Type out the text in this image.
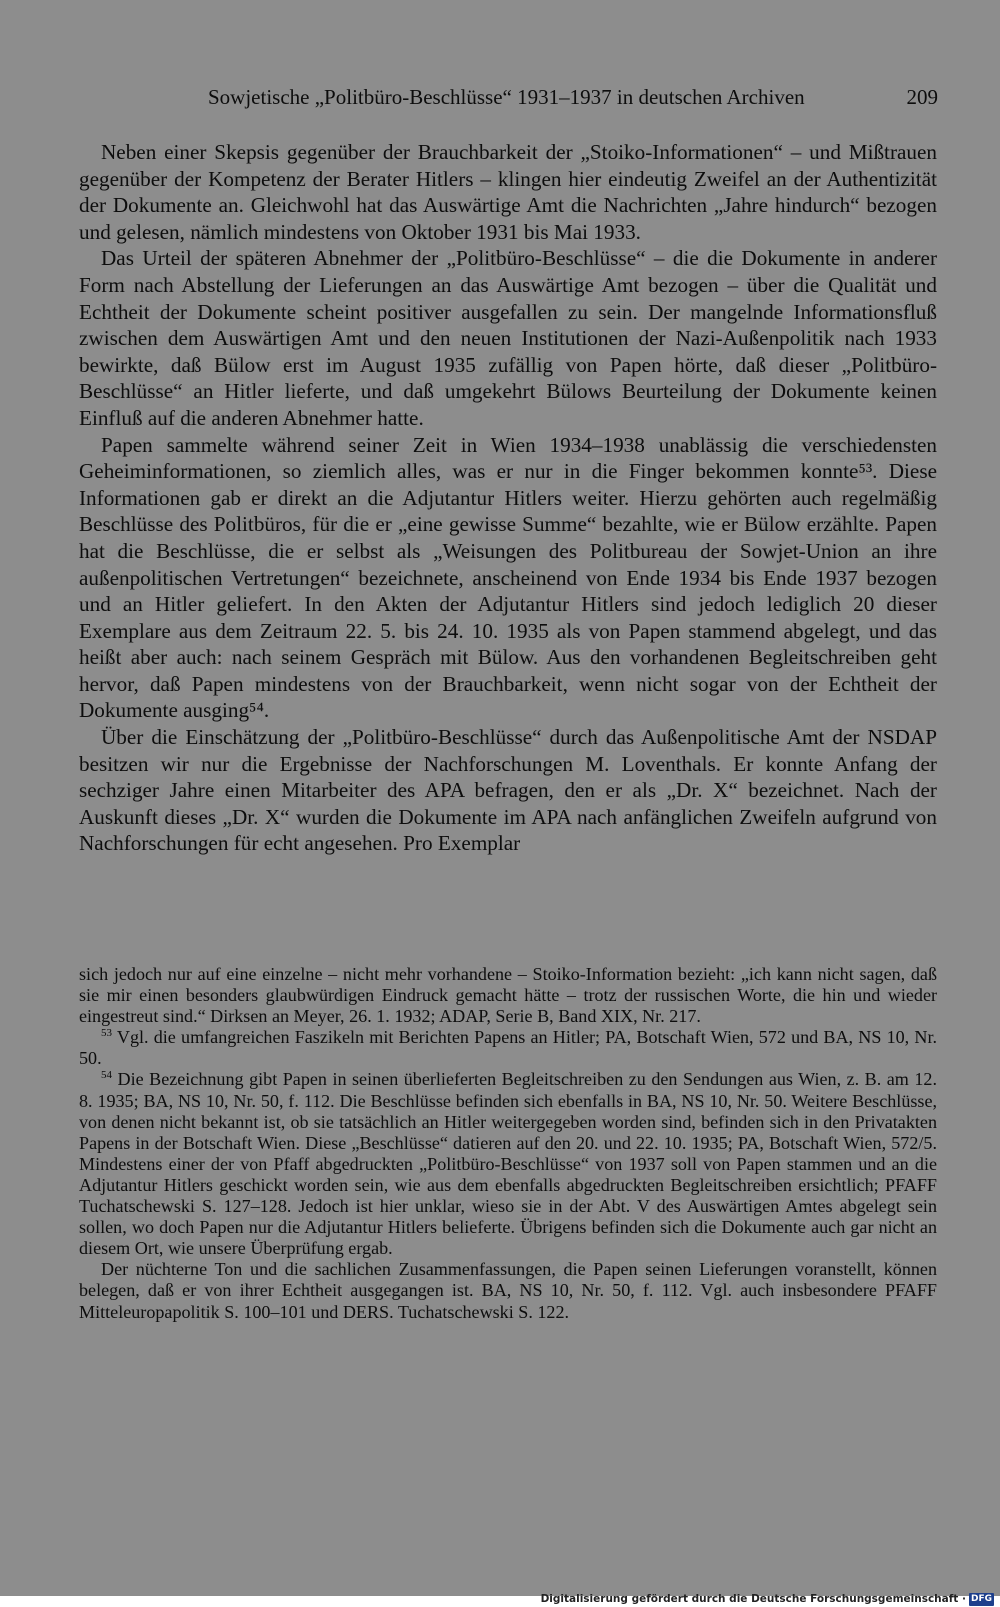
Sowjetische „Politbüro-Beschlüsse“ 1931–1937 in deutschen Archiven	209

Neben einer Skepsis gegenüber der Brauchbarkeit der „Stoiko-Informationen“ – und Mißtrauen gegenüber der Kompetenz der Berater Hitlers – klingen hier eindeutig Zweifel an der Authentizität der Dokumente an. Gleichwohl hat das Auswärtige Amt die Nachrichten „Jahre hindurch“ bezogen und gelesen, nämlich mindestens von Oktober 1931 bis Mai 1933.

Das Urteil der späteren Abnehmer der „Politbüro-Beschlüsse“ – die die Dokumente in anderer Form nach Abstellung der Lieferungen an das Auswärtige Amt bezogen – über die Qualität und Echtheit der Dokumente scheint positiver ausgefallen zu sein. Der mangelnde Informationsfluß zwischen dem Auswärtigen Amt und den neuen Institutionen der Nazi-Außenpolitik nach 1933 bewirkte, daß Bülow erst im August 1935 zufällig von Papen hörte, daß dieser „Politbüro-Beschlüsse“ an Hitler lieferte, und daß umgekehrt Bülows Beurteilung der Dokumente keinen Einfluß auf die anderen Abnehmer hatte.

Papen sammelte während seiner Zeit in Wien 1934–1938 unablässig die verschiedensten Geheiminformationen, so ziemlich alles, was er nur in die Finger bekommen konnte⁵³. Diese Informationen gab er direkt an die Adjutantur Hitlers weiter. Hierzu gehörten auch regelmäßig Beschlüsse des Politbüros, für die er „eine gewisse Summe“ bezahlte, wie er Bülow erzählte. Papen hat die Beschlüsse, die er selbst als „Weisungen des Politbureau der Sowjet-Union an ihre außenpolitischen Vertretungen“ bezeichnete, anscheinend von Ende 1934 bis Ende 1937 bezogen und an Hitler geliefert. In den Akten der Adjutantur Hitlers sind jedoch lediglich 20 dieser Exemplare aus dem Zeitraum 22. 5. bis 24. 10. 1935 als von Papen stammend abgelegt, und das heißt aber auch: nach seinem Gespräch mit Bülow. Aus den vorhandenen Begleitschreiben geht hervor, daß Papen mindestens von der Brauchbarkeit, wenn nicht sogar von der Echtheit der Dokumente ausging⁵⁴.

Über die Einschätzung der „Politbüro-Beschlüsse“ durch das Außenpolitische Amt der NSDAP besitzen wir nur die Ergebnisse der Nachforschungen M. Loventhals. Er konnte Anfang der sechziger Jahre einen Mitarbeiter des APA befragen, den er als „Dr. X“ bezeichnet. Nach der Auskunft dieses „Dr. X“ wurden die Dokumente im APA nach anfänglichen Zweifeln aufgrund von Nachforschungen für echt angesehen. Pro Exemplar

sich jedoch nur auf eine einzelne – nicht mehr vorhandene – Stoiko-Information bezieht: „ich kann nicht sagen, daß sie mir einen besonders glaubwürdigen Eindruck gemacht hätte – trotz der russischen Worte, die hin und wieder eingestreut sind.“ Dirksen an Meyer, 26. 1. 1932; ADAP, Serie B, Band XIX, Nr. 217.

$^{53}$ Vgl. die umfangreichen Faszikeln mit Berichten Papens an Hitler; PA, Botschaft Wien, 572 und BA, NS 10, Nr. 50.

$^{54}$ Die Bezeichnung gibt Papen in seinen überlieferten Begleitschreiben zu den Sendungen aus Wien, z. B. am 12. 8. 1935; BA, NS 10, Nr. 50, f. 112. Die Beschlüsse befinden sich ebenfalls in BA, NS 10, Nr. 50. Weitere Beschlüsse, von denen nicht bekannt ist, ob sie tatsächlich an Hitler weitergegeben worden sind, befinden sich in den Privatakten Papens in der Botschaft Wien. Diese „Beschlüsse“ datieren auf den 20. und 22. 10. 1935; PA, Botschaft Wien, 572/5. Mindestens einer der von Pfaff abgedruckten „Politbüro-Beschlüsse“ von 1937 soll von Papen stammen und an die Adjutantur Hitlers geschickt worden sein, wie aus dem ebenfalls abgedruckten Begleitschreiben ersichtlich; PFAFF Tuchatschewski S. 127–128. Jedoch ist hier unklar, wieso sie in der Abt. V des Auswärtigen Amtes abgelegt sein sollen, wo doch Papen nur die Adjutantur Hitlers belieferte. Übrigens befinden sich die Dokumente auch gar nicht an diesem Ort, wie unsere Überprüfung ergab.

Der nüchterne Ton und die sachlichen Zusammenfassungen, die Papen seinen Lieferungen voranstellt, können belegen, daß er von ihrer Echtheit ausgegangen ist. BA, NS 10, Nr. 50, f. 112. Vgl. auch insbesondere PFAFF Mitteleuropapolitik S. 100–101 und DERS. Tuchatschewski S. 122.

Digitalisierung gefördert durch die Deutsche Forschungsgemeinschaft · DFG
